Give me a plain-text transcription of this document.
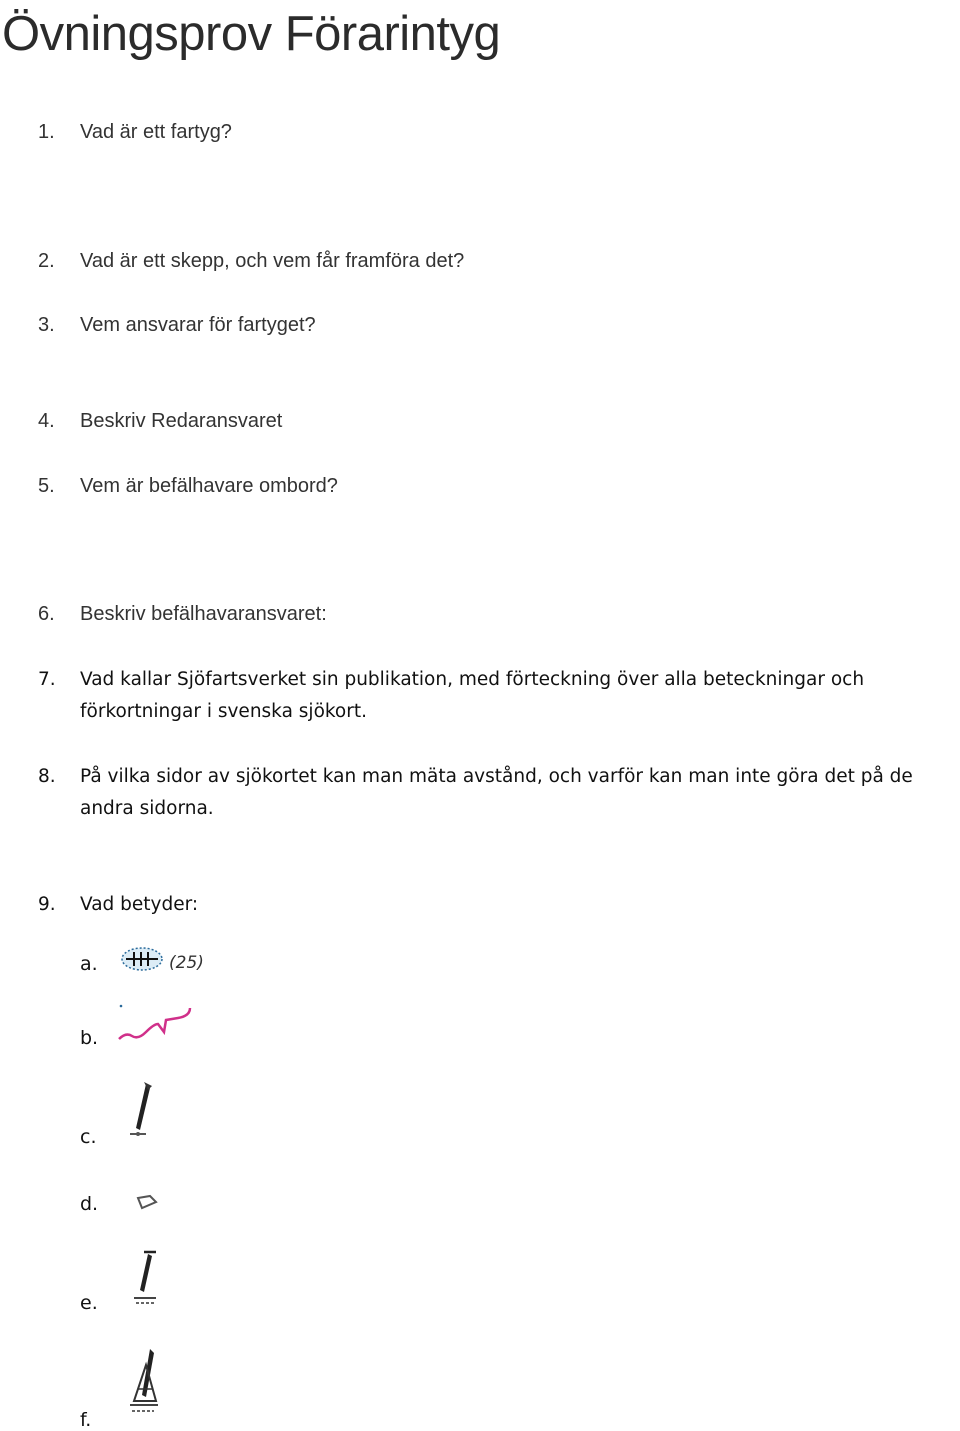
Övningsprov Förarintyg
1. Vad är ett fartyg?
2. Vad är ett skepp, och vem får framföra det?
3. Vem ansvarar för fartyget?
4. Beskriv Redaransvaret
5. Vem är befälhavare ombord?
6. Beskriv befälhavaransvaret:
7. Vad kallar Sjöfartsverket sin publikation, med förteckning över alla beteckningar och
förkortningar i svenska sjökort.
8. På vilka sidor av sjökortet kan man mäta avstånd, och varför kan man inte göra det på de
andra sidorna.
9. Vad betyder:
a.	(25)
b.
c.
d.
e.
f.
